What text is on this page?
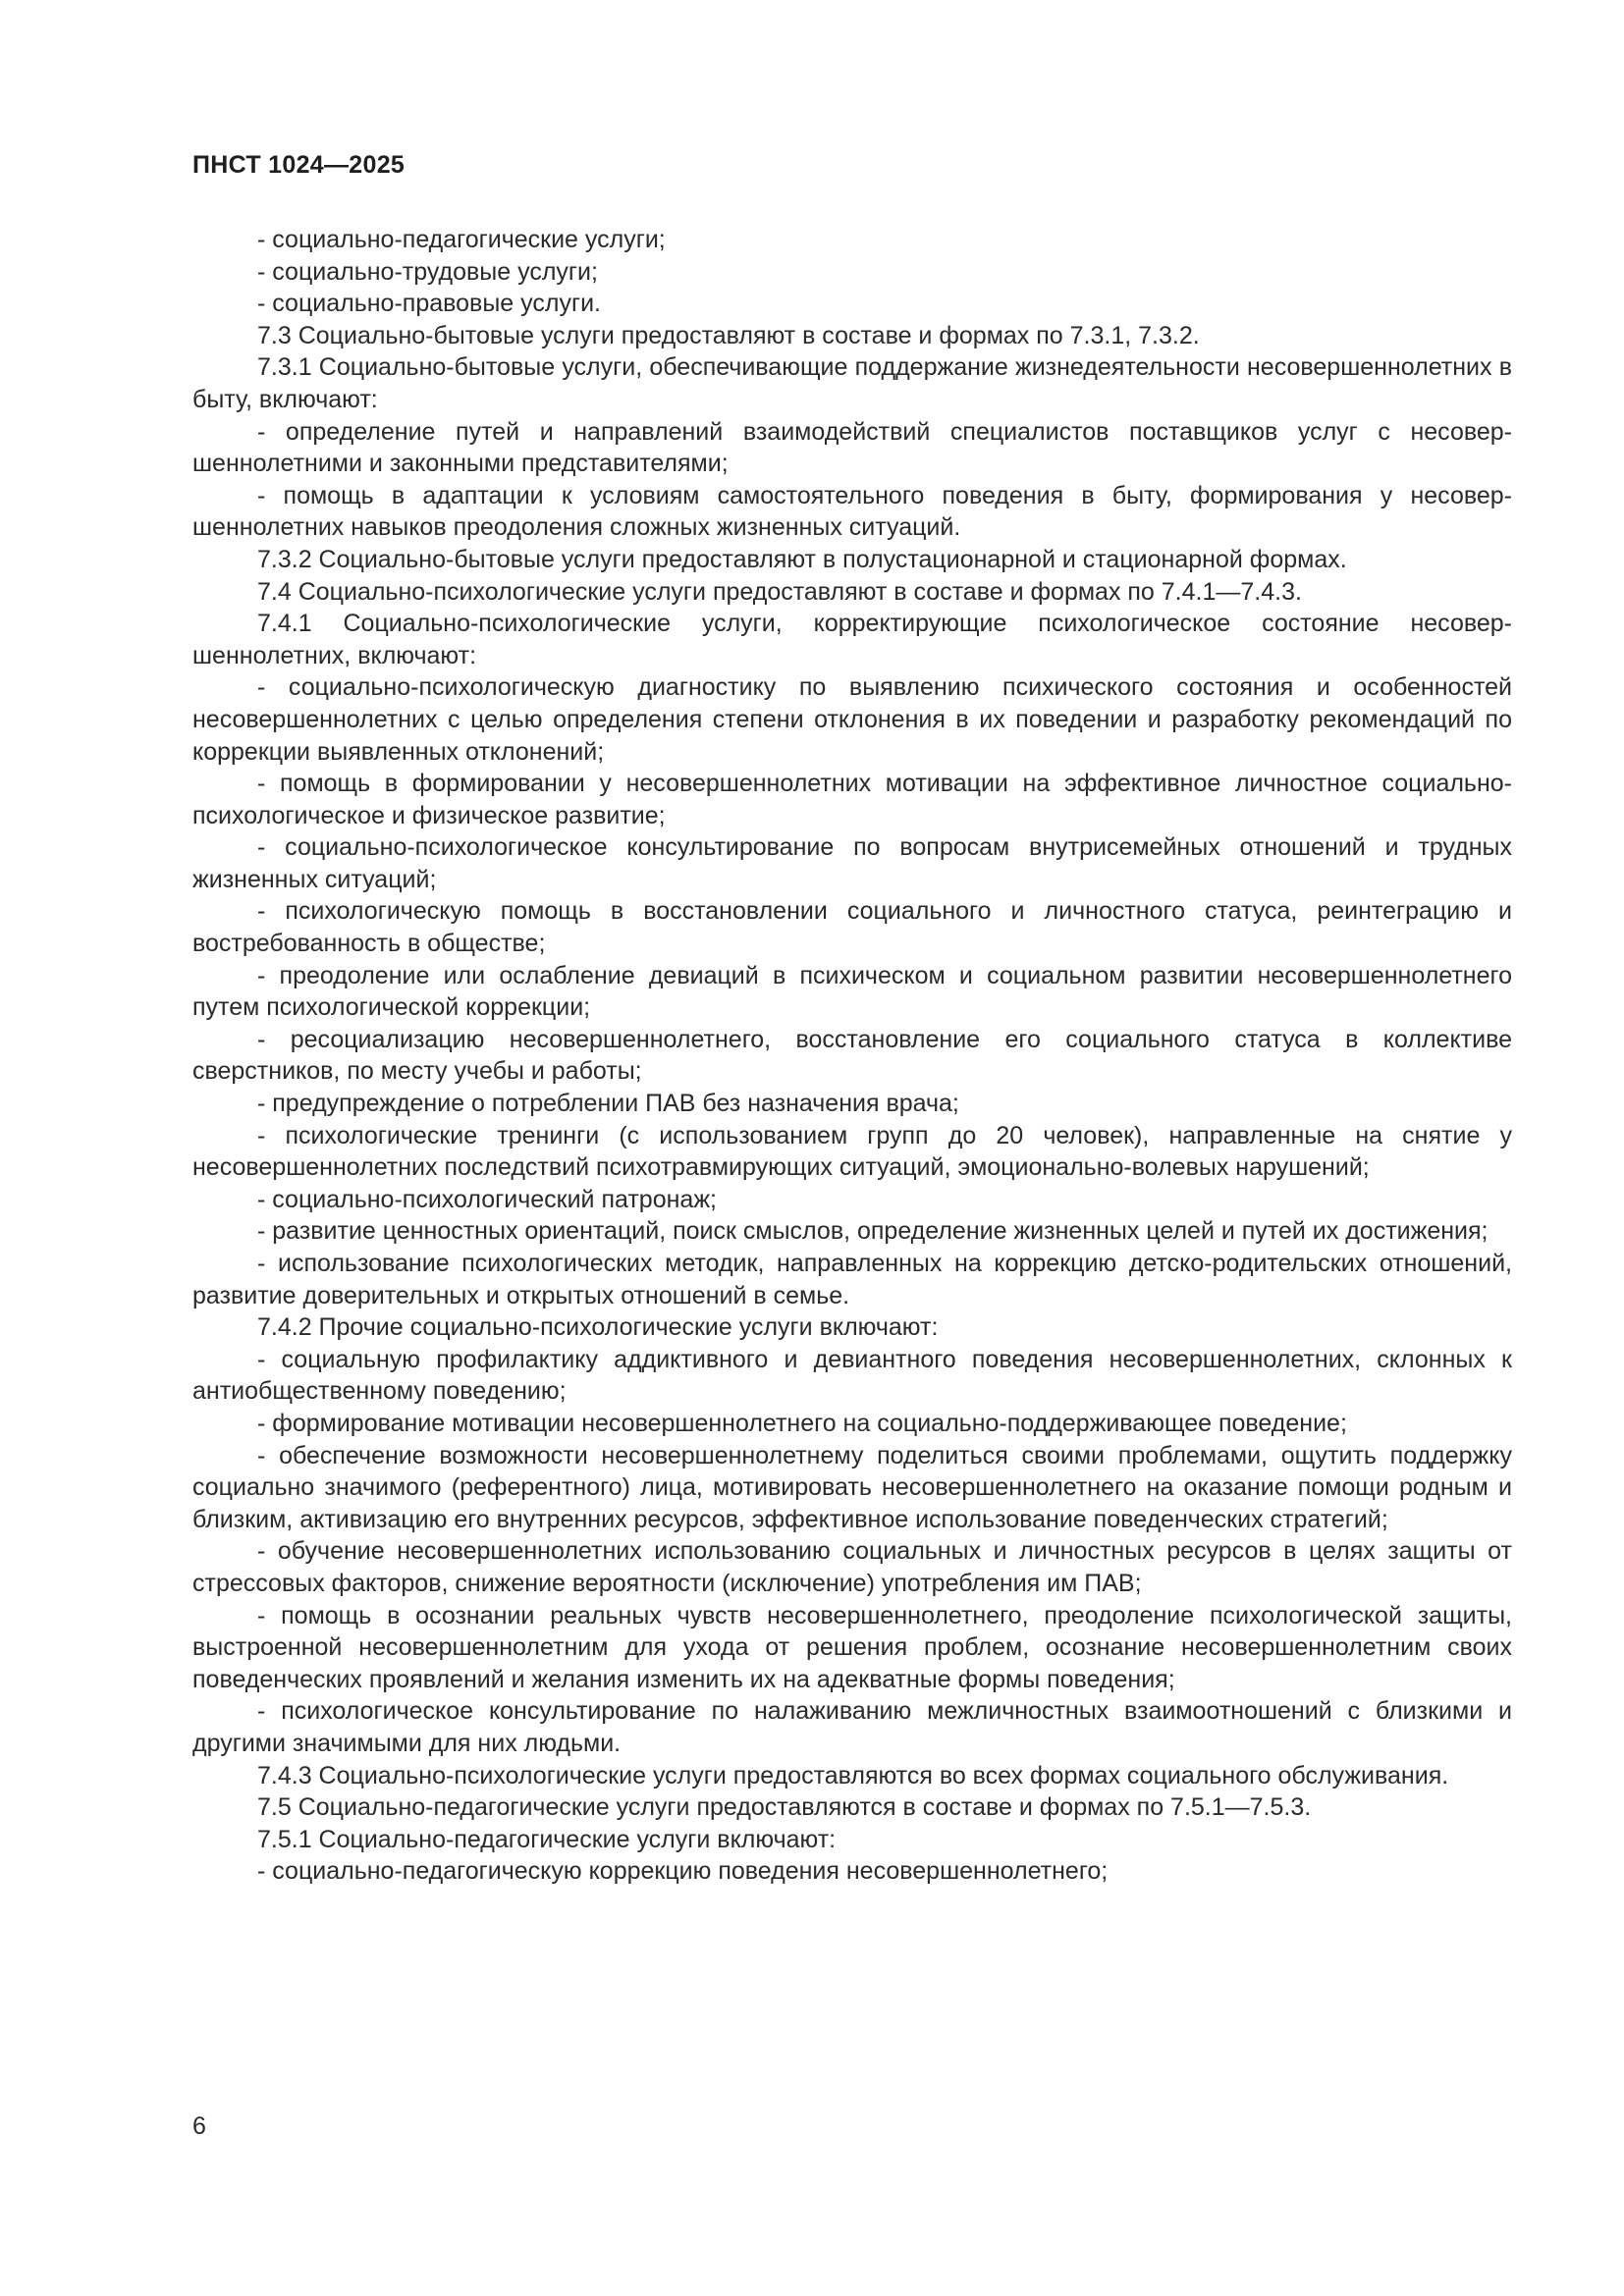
ПНСТ 1024—2025

- социально-педагогические услуги;

- социально-трудовые услуги;

- социально-правовые услуги.

7.3 Социально-бытовые услуги предоставляют в составе и формах по 7.3.1, 7.3.2.

7.3.1 Социально-бытовые услуги, обеспечивающие поддержание жизнедеятельности несовершеннолетних в быту, включают:

- определение путей и направлений взаимодействий специалистов поставщиков услуг с несовершеннолетними и законными представителями;

- помощь в адаптации к условиям самостоятельного поведения в быту, формирования у несовершеннолетних навыков преодоления сложных жизненных ситуаций.

7.3.2 Социально-бытовые услуги предоставляют в полустационарной и стационарной формах.

7.4 Социально-психологические услуги предоставляют в составе и формах по 7.4.1—7.4.3.

7.4.1 Социально-психологические услуги, корректирующие психологическое состояние несовершеннолетних, включают:

- социально-психологическую диагностику по выявлению психического состояния и особенностей несовершеннолетних с целью определения степени отклонения в их поведении и разработку рекомендаций по коррекции выявленных отклонений;

- помощь в формировании у несовершеннолетних мотивации на эффективное личностное социально-психологическое и физическое развитие;

- социально-психологическое консультирование по вопросам внутрисемейных отношений и трудных жизненных ситуаций;

- психологическую помощь в восстановлении социального и личностного статуса, реинтеграцию и востребованность в обществе;

- преодоление или ослабление девиаций в психическом и социальном развитии несовершеннолетнего путем психологической коррекции;

- ресоциализацию несовершеннолетнего, восстановление его социального статуса в коллективе сверстников, по месту учебы и работы;

- предупреждение о потреблении ПАВ без назначения врача;

- психологические тренинги (с использованием групп до 20 человек), направленные на снятие у несовершеннолетних последствий психотравмирующих ситуаций, эмоционально-волевых нарушений;

- социально-психологический патронаж;

- развитие ценностных ориентаций, поиск смыслов, определение жизненных целей и путей их достижения;

- использование психологических методик, направленных на коррекцию детско-родительских отношений, развитие доверительных и открытых отношений в семье.

7.4.2 Прочие социально-психологические услуги включают:

- социальную профилактику аддиктивного и девиантного поведения несовершеннолетних, склонных к антиобщественному поведению;

- формирование мотивации несовершеннолетнего на социально-поддерживающее поведение;

- обеспечение возможности несовершеннолетнему поделиться своими проблемами, ощутить поддержку социально значимого (референтного) лица, мотивировать несовершеннолетнего на оказание помощи родным и близким, активизацию его внутренних ресурсов, эффективное использование поведенческих стратегий;

- обучение несовершеннолетних использованию социальных и личностных ресурсов в целях защиты от стрессовых факторов, снижение вероятности (исключение) употребления им ПАВ;

- помощь в осознании реальных чувств несовершеннолетнего, преодоление психологической защиты, выстроенной несовершеннолетним для ухода от решения проблем, осознание несовершеннолетним своих поведенческих проявлений и желания изменить их на адекватные формы поведения;

- психологическое консультирование по налаживанию межличностных взаимоотношений с близкими и другими значимыми для них людьми.

7.4.3 Социально-психологические услуги предоставляются во всех формах социального обслуживания.

7.5 Социально-педагогические услуги предоставляются в составе и формах по 7.5.1—7.5.3.

7.5.1 Социально-педагогические услуги включают:

- социально-педагогическую коррекцию поведения несовершеннолетнего;

6
